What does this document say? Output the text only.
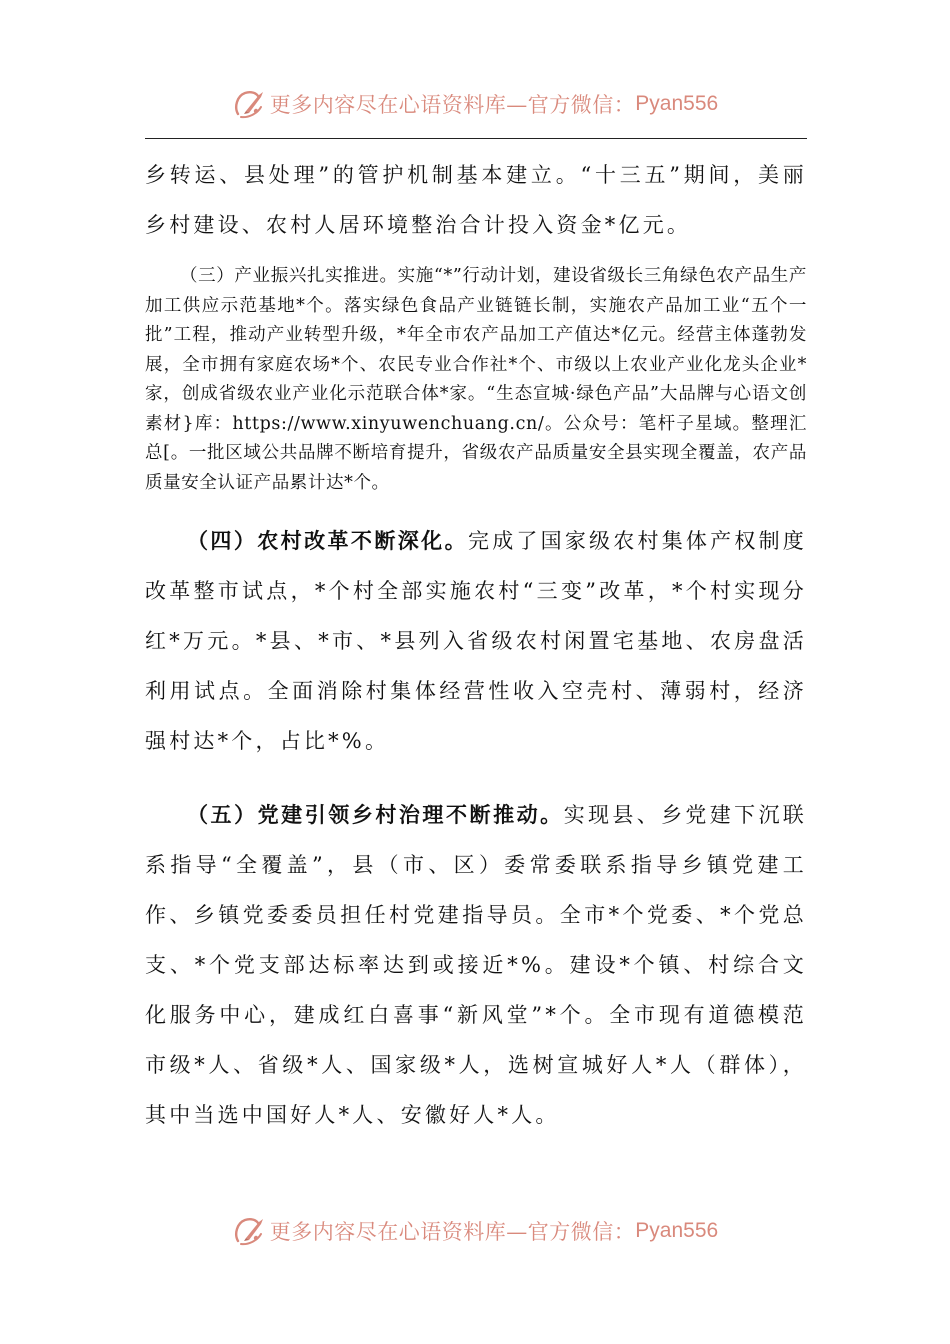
更多内容尽在心语资料库—官方微信： Pyan556

乡转运、县处理”的管护机制基本建立。“十三五”期间，美丽乡村建设、农村人居环境整治合计投入资金*亿元。

（三）产业振兴扎实推进。实施“*”行动计划，建设省级长三角绿色农产品生产加工供应示范基地*个。落实绿色食品产业链链长制，实施农产品加工业“五个一批”工程，推动产业转型升级，*年全市农产品加工产值达*亿元。经营主体蓬勃发展，全市拥有家庭农场*个、农民专业合作社*个、市级以上农业产业化龙头企业*家，创成省级农业产业化示范联合体*家。“生态宣城·绿色产品”大品牌与心语文创素材}库：https://www.xinyuwenchuang.cn/。公众号：笔杆子星域。整理汇总[。一批区域公共品牌不断培育提升，省级农产品质量安全县实现全覆盖，农产品质量安全认证产品累计达*个。

（四）农村改革不断深化。完成了国家级农村集体产权制度改革整市试点，*个村全部实施农村“三变”改革，*个村实现分红*万元。*县、*市、*县列入省级农村闲置宅基地、农房盘活利用试点。全面消除村集体经营性收入空壳村、薄弱村，经济强村达*个，占比*%。

（五）党建引领乡村治理不断推动。实现县、乡党建下沉联系指导“全覆盖”，县（市、区）委常委联系指导乡镇党建工作、乡镇党委委员担任村党建指导员。全市*个党委、*个党总支、*个党支部达标率达到或接近*%。建设*个镇、村综合文化服务中心，建成红白喜事“新风堂”*个。全市现有道德模范市级*人、省级*人、国家级*人，选树宣城好人*人（群体），其中当选中国好人*人、安徽好人*人。

更多内容尽在心语资料库—官方微信： Pyan556
